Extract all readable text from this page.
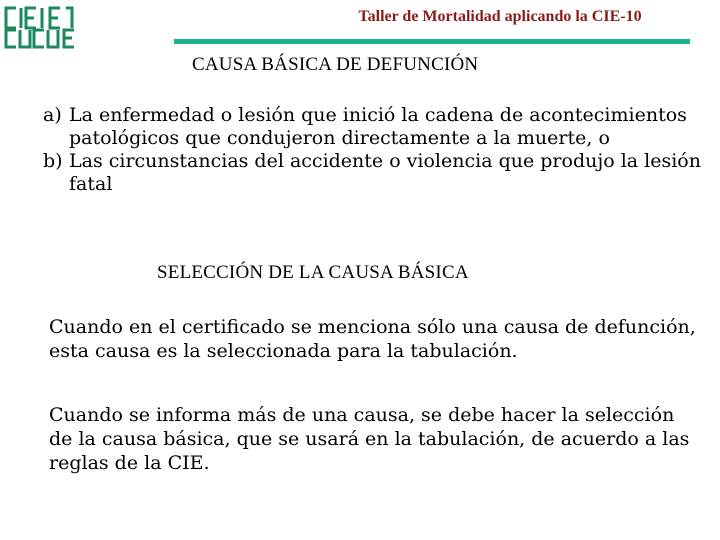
Taller de Mortalidad aplicando la CIE-10
CAUSA BÁSICA DE DEFUNCIÓN
a) La enfermedad o lesión que inició la cadena de acontecimientos
patológicos que condujeron directamente a la muerte, o
b) Las circunstancias del accidente o violencia que produjo la lesión
fatal
SELECCIÓN DE LA CAUSA BÁSICA
Cuando en el certificado se menciona sólo una causa de defunción,
esta causa es la seleccionada para la tabulación.
Cuando se informa más de una causa, se debe hacer la selección
de la causa básica, que se usará en la tabulación, de acuerdo a las
reglas de la CIE.
